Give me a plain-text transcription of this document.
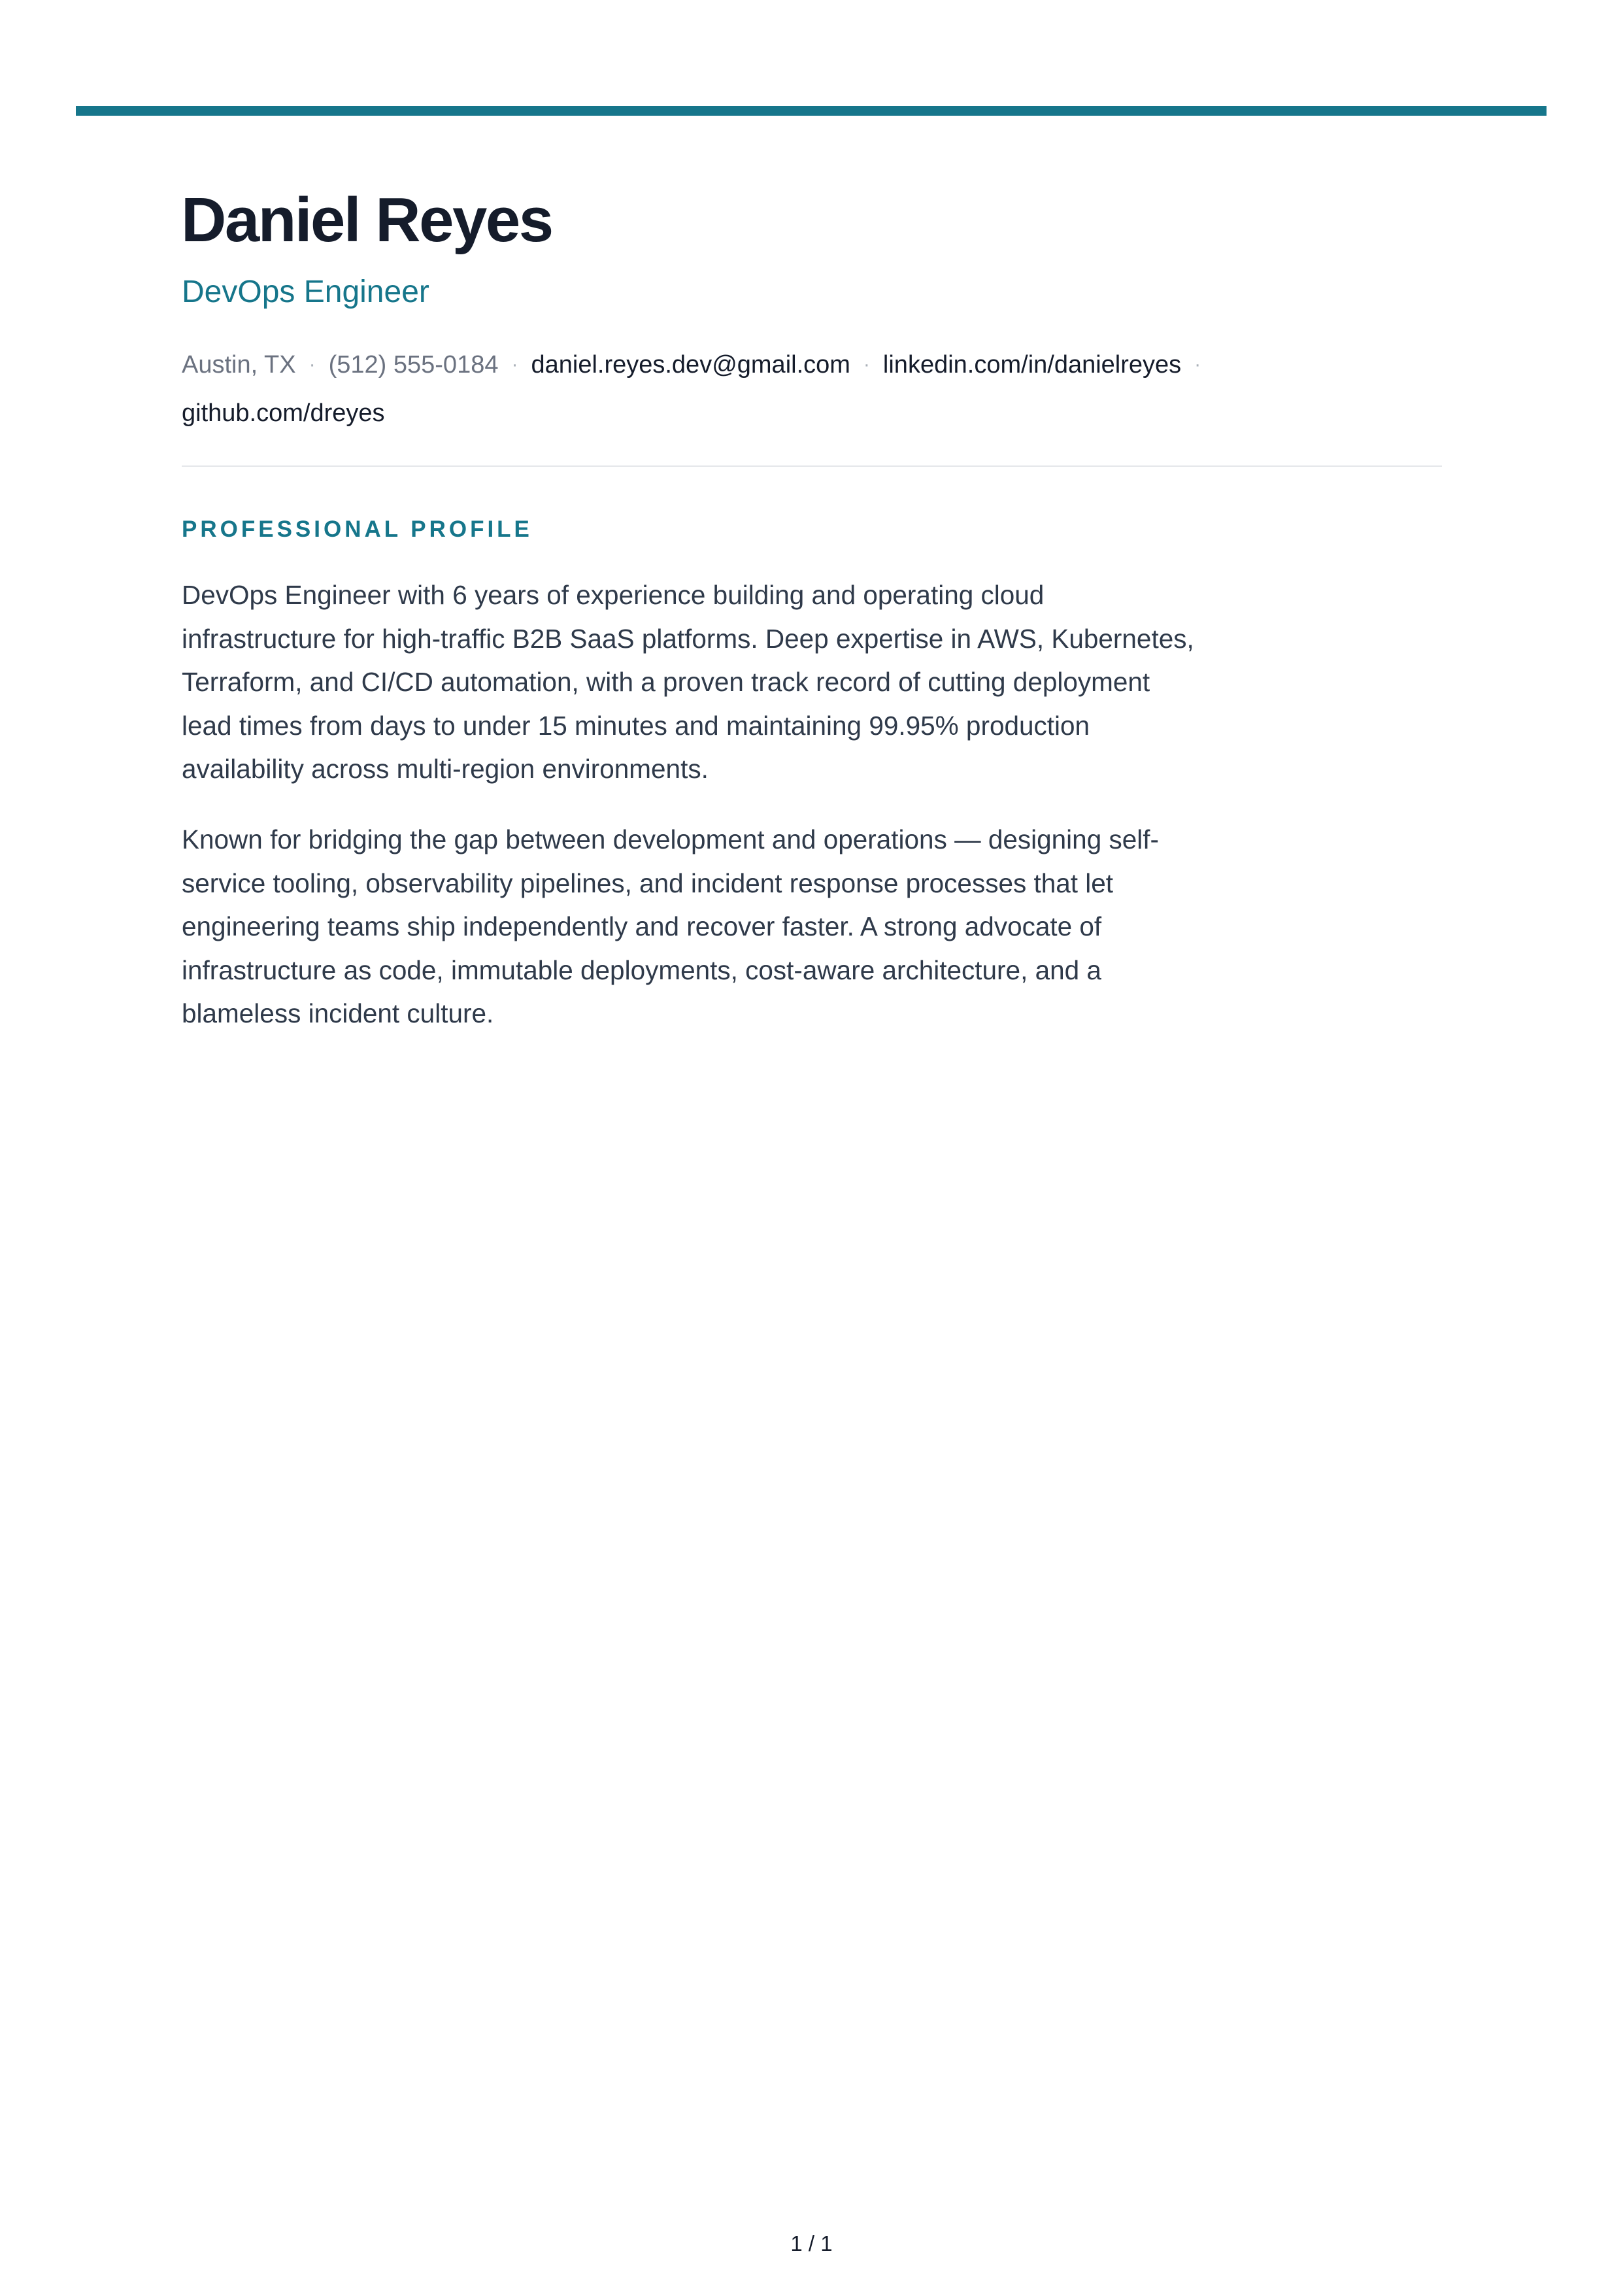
Daniel Reyes
DevOps Engineer
Austin, TX · (512) 555-0184 · daniel.reyes.dev@gmail.com · linkedin.com/in/danielreyes ·
github.com/dreyes
PROFESSIONAL PROFILE

DevOps Engineer with 6 years of experience building and operating cloud infrastructure for high-traffic B2B SaaS platforms. Deep expertise in AWS, Kubernetes, Terraform, and CI/CD automation, with a proven track record of cutting deployment lead times from days to under 15 minutes and maintaining 99.95% production availability across multi-region environments.

Known for bridging the gap between development and operations — designing self-service tooling, observability pipelines, and incident response processes that let engineering teams ship independently and recover faster. A strong advocate of infrastructure as code, immutable deployments, cost-aware architecture, and a blameless incident culture.

1 / 1
